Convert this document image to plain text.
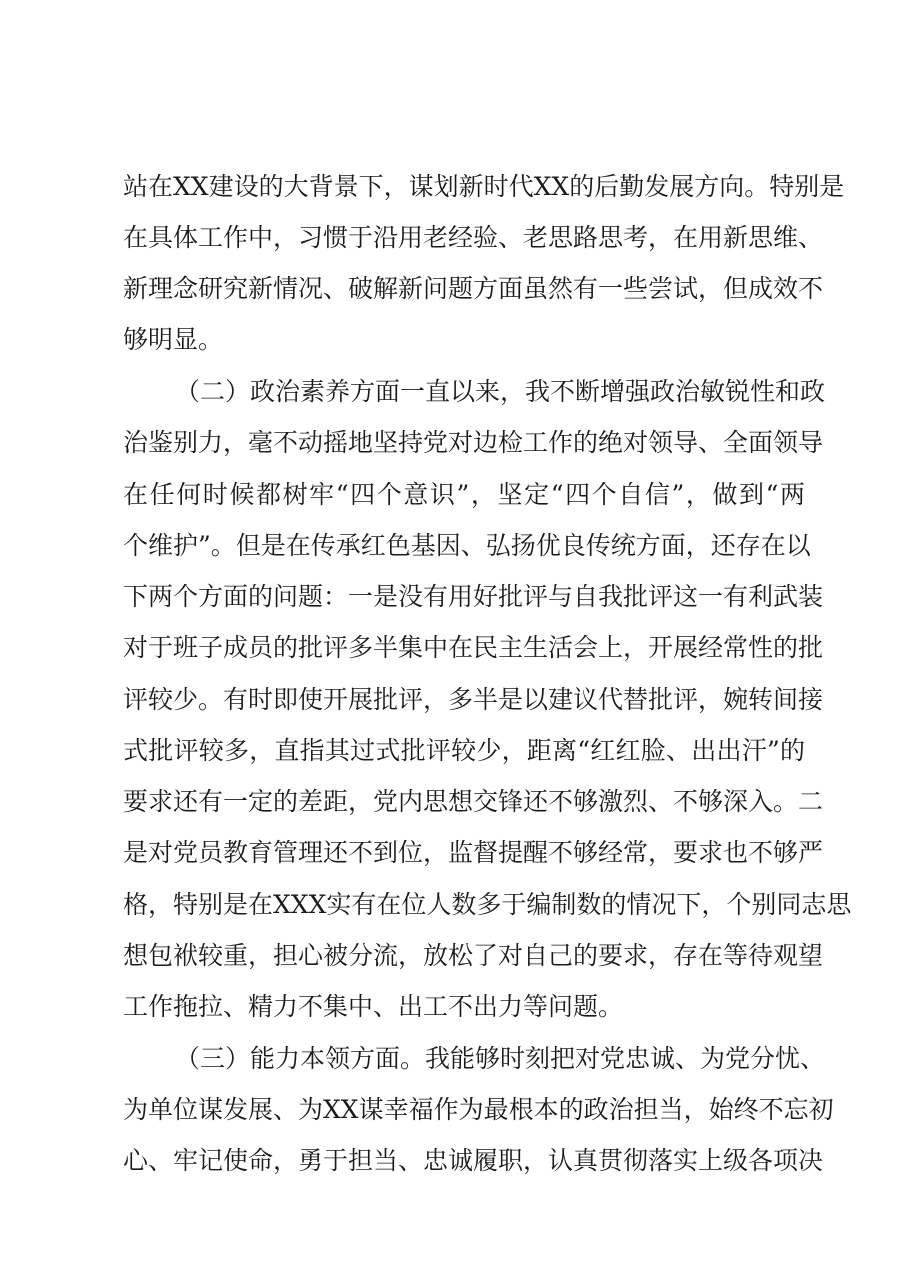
站在XX建设的大背景下，谋划新时代XX的后勤发展方向。特别是
在具体工作中，习惯于沿用老经验、老思路思考，在用新思维、
新理念研究新情况、破解新问题方面虽然有一些尝试，但成效不
够明显。
（二）政治素养方面一直以来，我不断增强政治敏锐性和政
治鉴别力，毫不动摇地坚持党对边检工作的绝对领导、全面领导
在任何时候都树牢“四个意识”，坚定“四个自信”，做到“两
个维护”。但是在传承红色基因、弘扬优良传统方面，还存在以
下两个方面的问题：一是没有用好批评与自我批评这一有利武装
对于班子成员的批评多半集中在民主生活会上，开展经常性的批
评较少。有时即使开展批评，多半是以建议代替批评，婉转间接
式批评较多，直指其过式批评较少，距离“红红脸、出出汗”的
要求还有一定的差距，党内思想交锋还不够激烈、不够深入。二
是对党员教育管理还不到位，监督提醒不够经常，要求也不够严
格，特别是在XXX实有在位人数多于编制数的情况下，个别同志思
想包袱较重，担心被分流，放松了对自己的要求，存在等待观望
工作拖拉、精力不集中、出工不出力等问题。
（三）能力本领方面。我能够时刻把对党忠诚、为党分忧、
为单位谋发展、为XX谋幸福作为最根本的政治担当，始终不忘初
心、牢记使命，勇于担当、忠诚履职，认真贯彻落实上级各项决
